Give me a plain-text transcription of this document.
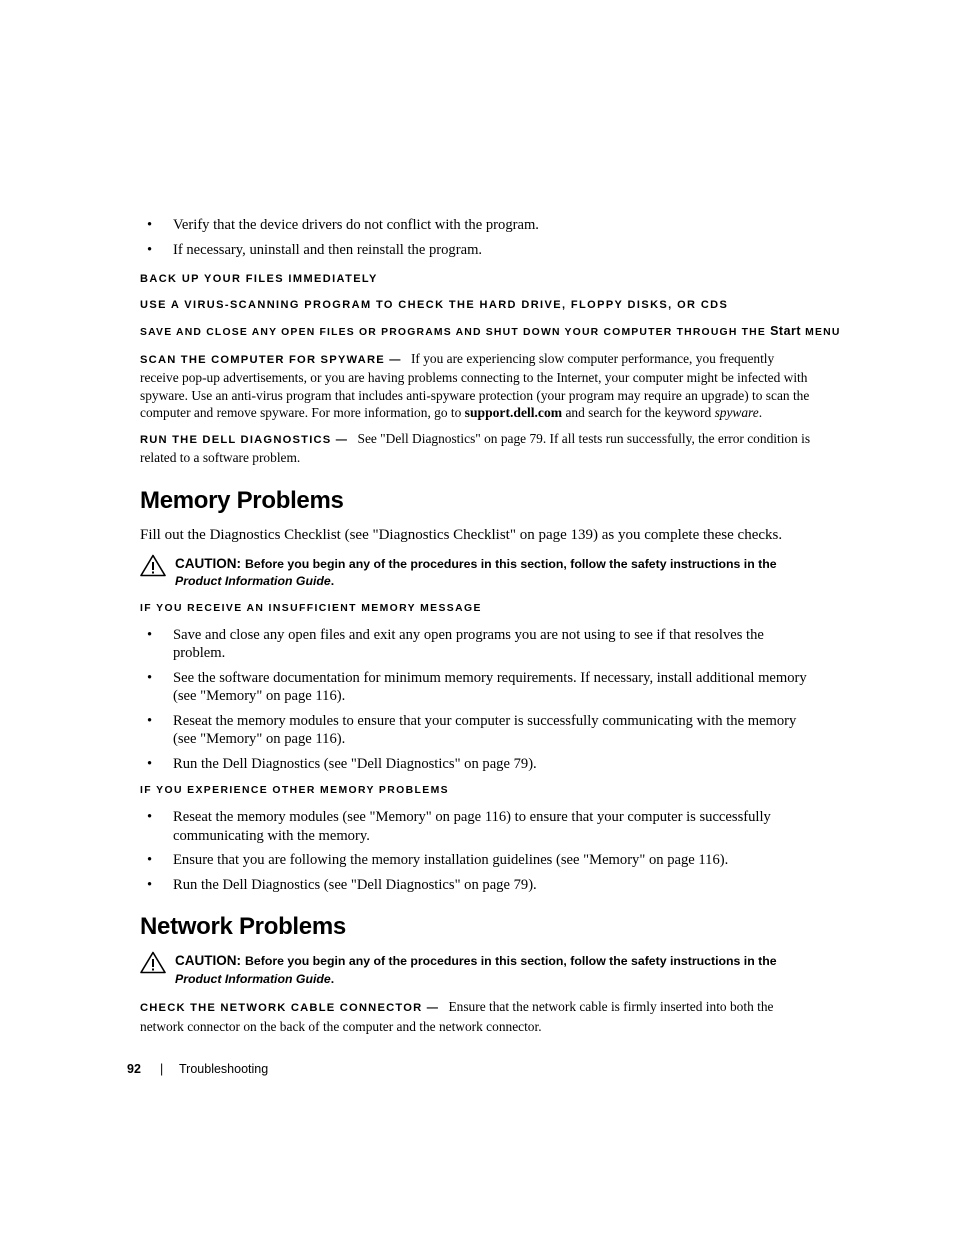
• Verify that the device drivers do not conflict with the program.
• If necessary, uninstall and then reinstall the program.
BACK UP YOUR FILES IMMEDIATELY
USE A VIRUS-SCANNING PROGRAM TO CHECK THE HARD DRIVE, FLOPPY DISKS, OR CDS
SAVE AND CLOSE ANY OPEN FILES OR PROGRAMS AND SHUT DOWN YOUR COMPUTER THROUGH THE Start MENU

SCAN THE COMPUTER FOR SPYWARE — If you are experiencing slow computer performance, you frequently receive pop-up advertisements, or you are having problems connecting to the Internet, your computer might be infected with spyware. Use an anti-virus program that includes anti-spyware protection (your program may require an upgrade) to scan the computer and remove spyware. For more information, go to support.dell.com and search for the keyword spyware.

RUN THE DELL DIAGNOSTICS — See "Dell Diagnostics" on page 79. If all tests run successfully, the error condition is related to a software problem.

Memory Problems

Fill out the Diagnostics Checklist (see "Diagnostics Checklist" on page 139) as you complete these checks.

CAUTION: Before you begin any of the procedures in this section, follow the safety instructions in the Product Information Guide.
IF YOU RECEIVE AN INSUFFICIENT MEMORY MESSAGE
• Save and close any open files and exit any open programs you are not using to see if that resolves the problem.
• See the software documentation for minimum memory requirements. If necessary, install additional memory (see "Memory" on page 116).
• Reseat the memory modules to ensure that your computer is successfully communicating with the memory (see "Memory" on page 116).
• Run the Dell Diagnostics (see "Dell Diagnostics" on page 79).
IF YOU EXPERIENCE OTHER MEMORY PROBLEMS
• Reseat the memory modules (see "Memory" on page 116) to ensure that your computer is successfully communicating with the memory.
• Ensure that you are following the memory installation guidelines (see "Memory" on page 116).
• Run the Dell Diagnostics (see "Dell Diagnostics" on page 79).
Network Problems
CAUTION: Before you begin any of the procedures in this section, follow the safety instructions in the Product Information Guide.

CHECK THE NETWORK CABLE CONNECTOR — Ensure that the network cable is firmly inserted into both the network connector on the back of the computer and the network connector.

92 | Troubleshooting
